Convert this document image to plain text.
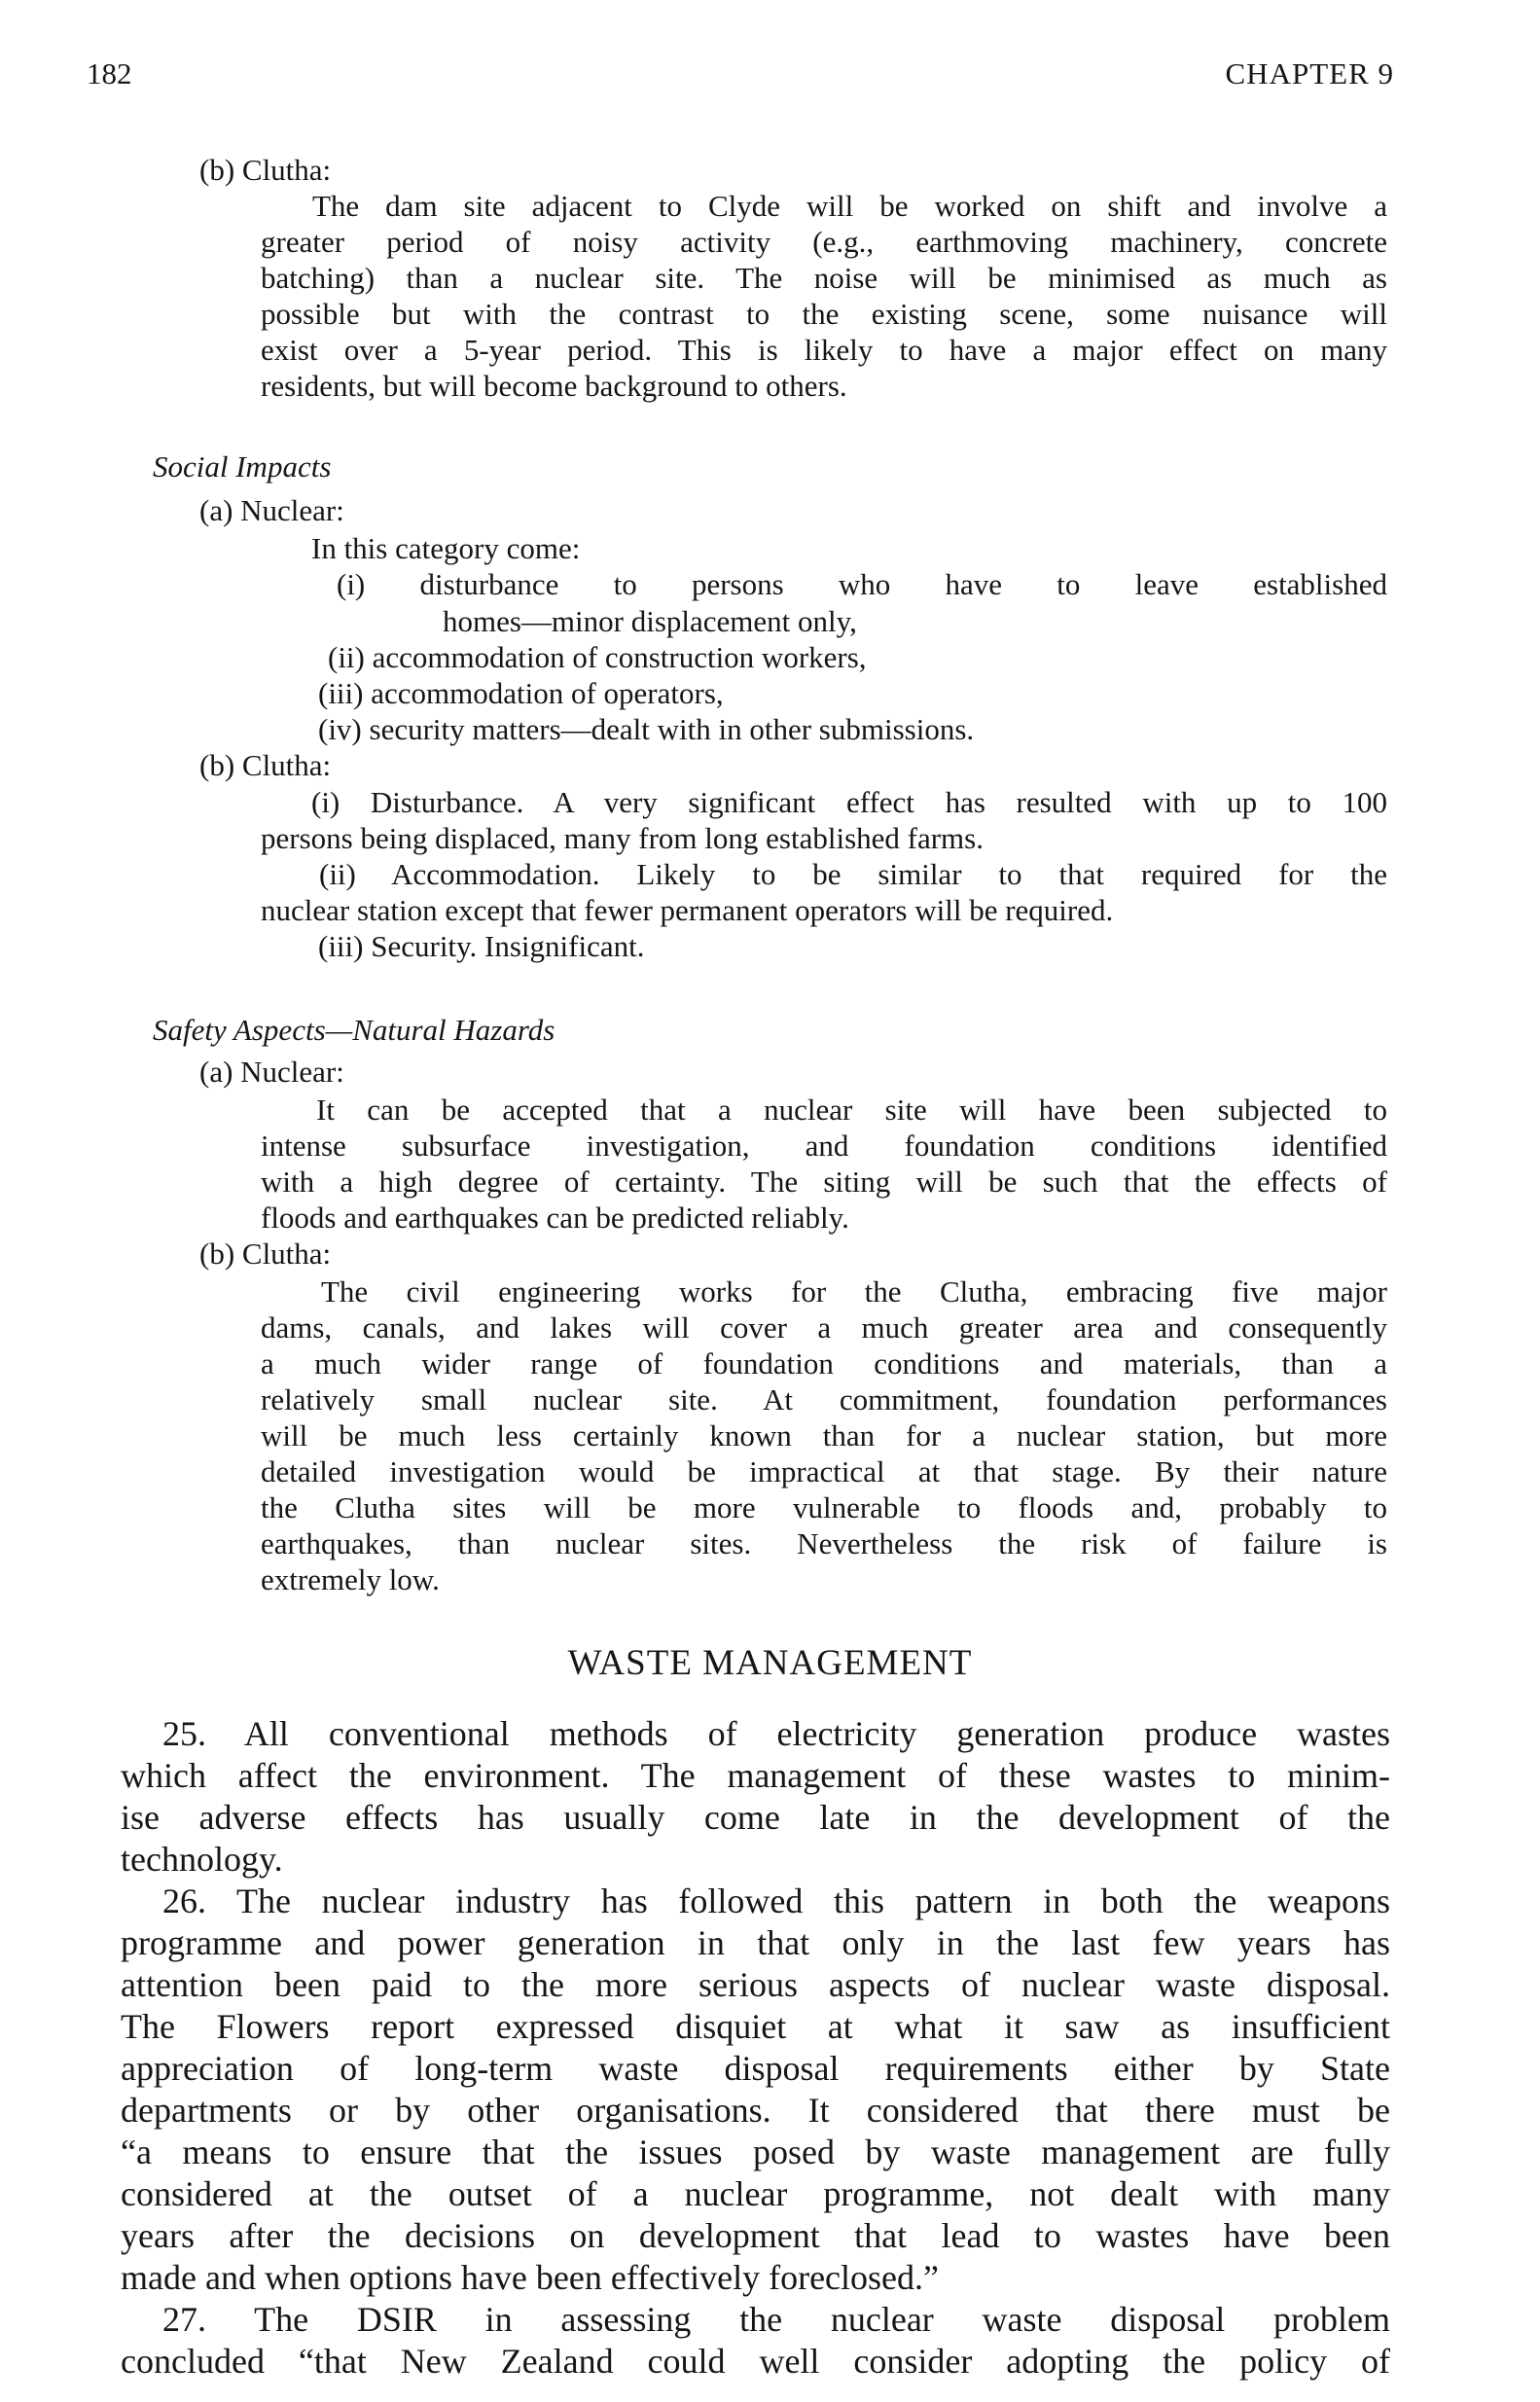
182	CHAPTER 9
(b) Clutha:
The dam site adjacent to Clyde will be worked on shift and involve a
greater period of noisy activity (e.g., earthmoving machinery, concrete
batching) than a nuclear site. The noise will be minimised as much as
possible but with the contrast to the existing scene, some nuisance will
exist over a 5-year period. This is likely to have a major effect on many
residents, but will become background to others.
Social Impacts
(a) Nuclear:
In this category come:
(i) disturbance to persons who have to leave established
homes—minor displacement only,
(ii) accommodation of construction workers,
(iii) accommodation of operators,
(iv) security matters—dealt with in other submissions.
(b) Clutha:
(i) Disturbance. A very significant effect has resulted with up to 100
persons being displaced, many from long established farms.
(ii) Accommodation. Likely to be similar to that required for the
nuclear station except that fewer permanent operators will be required.
(iii) Security. Insignificant.
Safety Aspects—Natural Hazards
(a) Nuclear:
It can be accepted that a nuclear site will have been subjected to
intense subsurface investigation, and foundation conditions identified
with a high degree of certainty. The siting will be such that the effects of
floods and earthquakes can be predicted reliably.
(b) Clutha:
The civil engineering works for the Clutha, embracing five major
dams, canals, and lakes will cover a much greater area and consequently
a much wider range of foundation conditions and materials, than a
relatively small nuclear site. At commitment, foundation performances
will be much less certainly known than for a nuclear station, but more
detailed investigation would be impractical at that stage. By their nature
the Clutha sites will be more vulnerable to floods and, probably to
earthquakes, than nuclear sites. Nevertheless the risk of failure is
extremely low.
WASTE MANAGEMENT
25. All conventional methods of electricity generation produce wastes
which affect the environment. The management of these wastes to minim-
ise adverse effects has usually come late in the development of the
technology.
26. The nuclear industry has followed this pattern in both the weapons
programme and power generation in that only in the last few years has
attention been paid to the more serious aspects of nuclear waste disposal.
The Flowers report expressed disquiet at what it saw as insufficient
appreciation of long-term waste disposal requirements either by State
departments or by other organisations. It considered that there must be
“a means to ensure that the issues posed by waste management are fully
considered at the outset of a nuclear programme, not dealt with many
years after the decisions on development that lead to wastes have been
made and when options have been effectively foreclosed.”
27. The DSIR in assessing the nuclear waste disposal problem
concluded “that New Zealand could well consider adopting the policy of
